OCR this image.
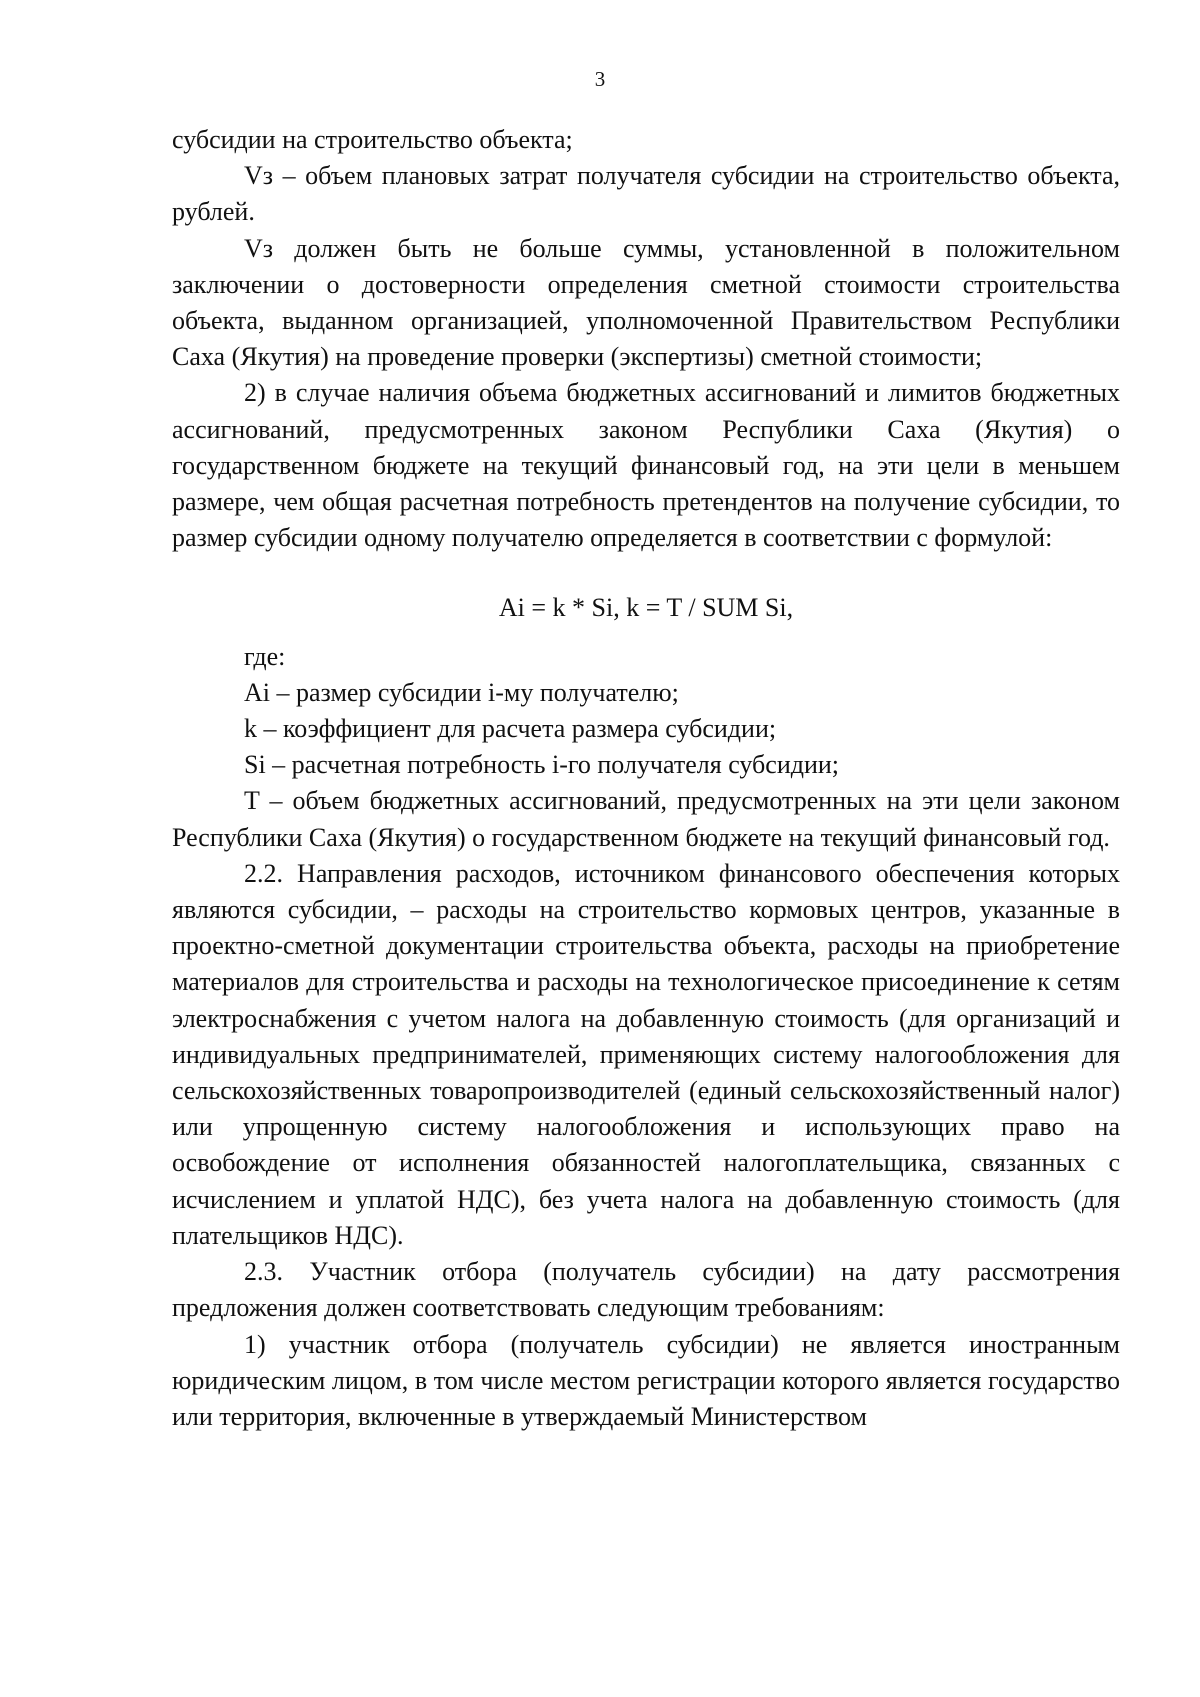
3

субсидии на строительство объекта;

Vз – объем плановых затрат получателя субсидии на строительство объекта, рублей.

Vз должен быть не больше суммы, установленной в положительном заключении о достоверности определения сметной стоимости строительства объекта, выданном организацией, уполномоченной Правительством Республики Саха (Якутия) на проведение проверки (экспертизы) сметной стоимости;

2) в случае наличия объема бюджетных ассигнований и лимитов бюджетных ассигнований, предусмотренных законом Республики Саха (Якутия) о государственном бюджете на текущий финансовый год, на эти цели в меньшем размере, чем общая расчетная потребность претендентов на получение субсидии, то размер субсидии одному получателю определяется в соответствии с формулой:

Ai = k * Si, k = T / SUM Si,

где:

Ai – размер субсидии i-му получателю;

k – коэффициент для расчета размера субсидии;

Si – расчетная потребность i-го получателя субсидии;

T – объем бюджетных ассигнований, предусмотренных на эти цели законом Республики Саха (Якутия) о государственном бюджете на текущий финансовый год.

2.2. Направления расходов, источником финансового обеспечения которых являются субсидии, – расходы на строительство кормовых центров, указанные в проектно-сметной документации строительства объекта, расходы на приобретение материалов для строительства и расходы на технологическое присоединение к сетям электроснабжения с учетом налога на добавленную стоимость (для организаций и индивидуальных предпринимателей, применяющих систему налогообложения для сельскохозяйственных товаропроизводителей (единый сельскохозяйственный налог) или упрощенную систему налогообложения и использующих право на освобождение от исполнения обязанностей налогоплательщика, связанных с исчислением и уплатой НДС), без учета налога на добавленную стоимость (для плательщиков НДС).

2.3. Участник отбора (получатель субсидии) на дату рассмотрения предложения должен соответствовать следующим требованиям:

1) участник отбора (получатель субсидии) не является иностранным юридическим лицом, в том числе местом регистрации которого является государство или территория, включенные в утверждаемый Министерством
